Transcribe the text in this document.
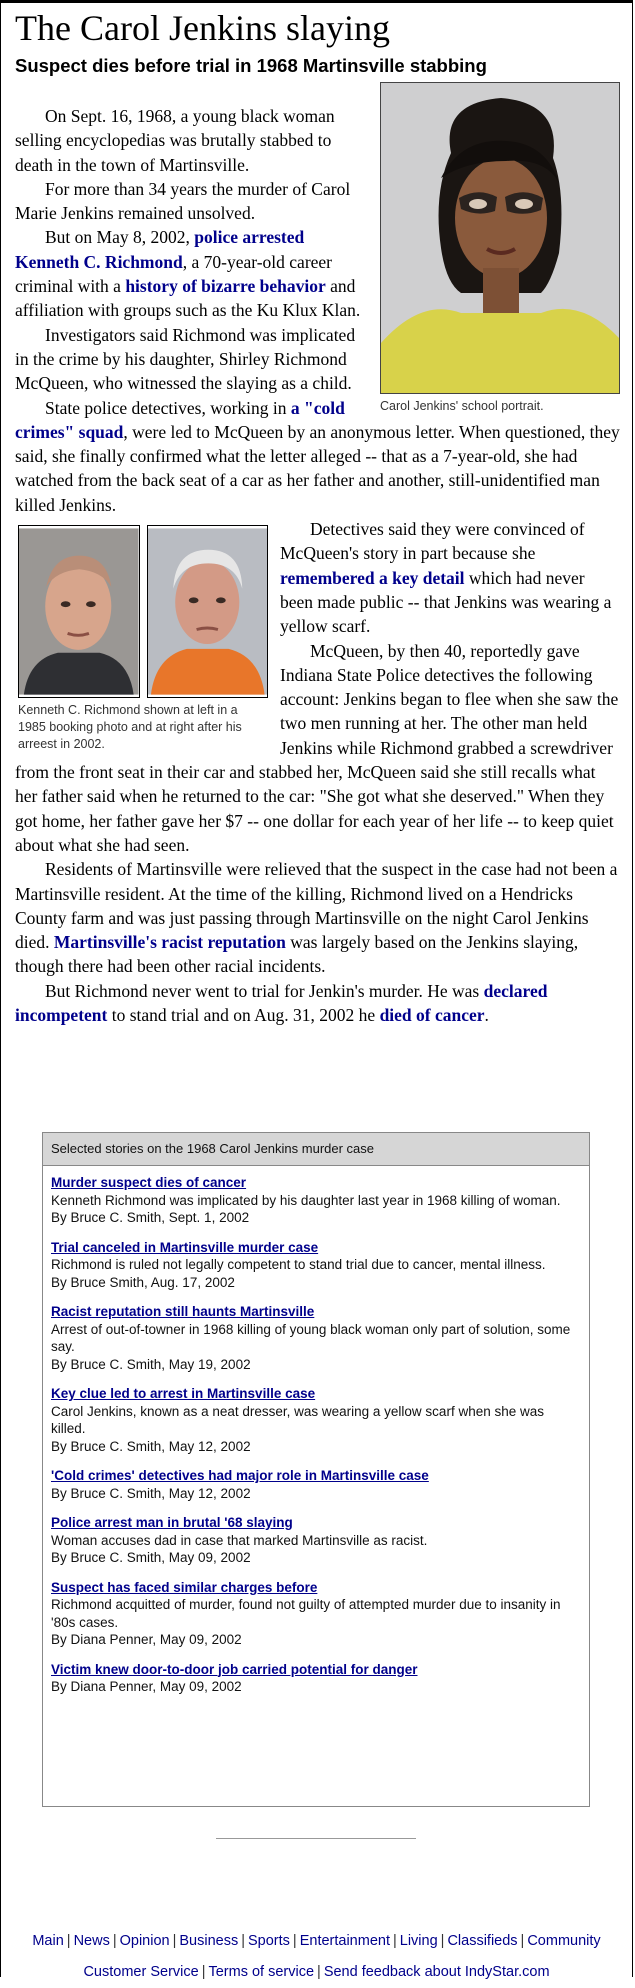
The Carol Jenkins slaying
Suspect dies before trial in 1968 Martinsville stabbing
Carol Jenkins' school portrait.

On Sept. 16, 1968, a young black woman selling encyclopedias was brutally stabbed to death in the town of Martinsville.

For more than 34 years the murder of Carol Marie Jenkins remained unsolved.

But on May 8, 2002, police arrested Kenneth C. Richmond, a 70-year-old career criminal with a history of bizarre behavior and affiliation with groups such as the Ku Klux Klan.

Investigators said Richmond was implicated in the crime by his daughter, Shirley Richmond McQueen, who witnessed the slaying as a child.

State police detectives, working in a "cold crimes" squad, were led to McQueen by an anonymous letter. When questioned, they said, she finally confirmed what the letter alleged -- that as a 7-year-old, she had watched from the back seat of a car as her father and another, still-unidentified man killed Jenkins.

Kenneth C. Richmond shown at left in a 1985 booking photo and at right after his arreest in 2002.

Detectives said they were convinced of McQueen's story in part because she remembered a key detail which had never been made public -- that Jenkins was wearing a yellow scarf.

McQueen, by then 40, reportedly gave Indiana State Police detectives the following account: Jenkins began to flee when she saw the two men running at her. The other man held Jenkins while Richmond grabbed a screwdriver from the front seat in their car and stabbed her, McQueen said she still recalls what her father said when he returned to the car: "She got what she deserved." When they got home, her father gave her $7 -- one dollar for each year of her life -- to keep quiet about what she had seen.

Residents of Martinsville were relieved that the suspect in the case had not been a Martinsville resident. At the time of the killing, Richmond lived on a Hendricks County farm and was just passing through Martinsville on the night Carol Jenkins died. Martinsville's racist reputation was largely based on the Jenkins slaying, though there had been other racial incidents.

But Richmond never went to trial for Jenkin's murder. He was declared incompetent to stand trial and on Aug. 31, 2002 he died of cancer.

Selected stories on the 1968 Carol Jenkins murder case
Murder suspect dies of cancer
Kenneth Richmond was implicated by his daughter last year in 1968 killing of woman.
By Bruce C. Smith, Sept. 1, 2002
Trial canceled in Martinsville murder case
Richmond is ruled not legally competent to stand trial due to cancer, mental illness.
By Bruce Smith, Aug. 17, 2002
Racist reputation still haunts Martinsville
Arrest of out-of-towner in 1968 killing of young black woman only part of solution, some say.
By Bruce C. Smith, May 19, 2002
Key clue led to arrest in Martinsville case
Carol Jenkins, known as a neat dresser, was wearing a yellow scarf when she was killed.
By Bruce C. Smith, May 12, 2002
'Cold crimes' detectives had major role in Martinsville case
By Bruce C. Smith, May 12, 2002
Police arrest man in brutal '68 slaying
Woman accuses dad in case that marked Martinsville as racist.
By Bruce C. Smith, May 09, 2002
Suspect has faced similar charges before
Richmond acquitted of murder, found not guilty of attempted murder due to insanity in '80s cases.
By Diana Penner, May 09, 2002
Victim knew door-to-door job carried potential for danger
By Diana Penner, May 09, 2002
Main | News | Opinion | Business | Sports | Entertainment | Living | Classifieds | Community
Customer Service | Terms of service | Send feedback about IndyStar.com
